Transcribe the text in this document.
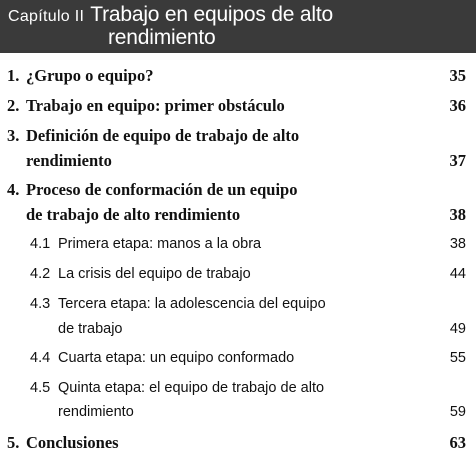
Capítulo II Trabajo en equipos de alto
rendimiento
1. ¿Grupo o equipo?	35
2. Trabajo en equipo: primer obstáculo	36
3. Definición de equipo de trabajo de alto
rendimiento	37
4. Proceso de conformación de un equipo
de trabajo de alto rendimiento	38
4.1 Primera etapa: manos a la obra	38
4.2 La crisis del equipo de trabajo	44
4.3 Tercera etapa: la adolescencia del equipo
de trabajo	49
4.4 Cuarta etapa: un equipo conformado	55
4.5 Quinta etapa: el equipo de trabajo de alto
rendimiento	59
5. Conclusiones	63
